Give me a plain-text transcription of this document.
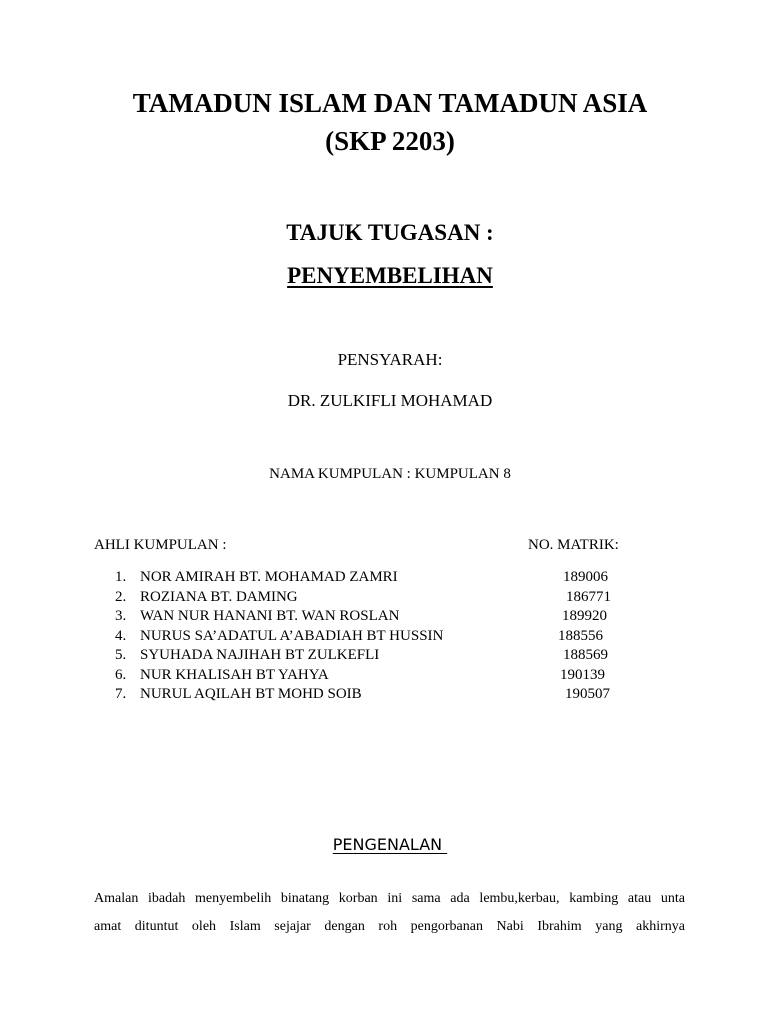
TAMADUN ISLAM DAN TAMADUN ASIA
(SKP 2203)
TAJUK TUGASAN :
PENYEMBELIHAN
PENSYARAH:
DR. ZULKIFLI MOHAMAD
NAMA KUMPULAN : KUMPULAN 8
AHLI KUMPULAN :	NO. MATRIK:
1. NOR AMIRAH BT. MOHAMAD ZAMRI	189006
2. ROZIANA BT. DAMING	186771
3. WAN NUR HANANI BT. WAN ROSLAN	189920
4. NURUS SA’ADATUL A’ABADIAH BT HUSSIN	188556
5. SYUHADA NAJIHAH BT ZULKEFLI	188569
6. NUR KHALISAH BT YAHYA	190139
7. NURUL AQILAH BT MOHD SOIB	190507
PENGENALAN
Amalan ibadah menyembelih binatang korban ini sama ada lembu,kerbau, kambing atau unta
amat dituntut oleh Islam sejajar dengan roh pengorbanan Nabi Ibrahim yang akhirnya
